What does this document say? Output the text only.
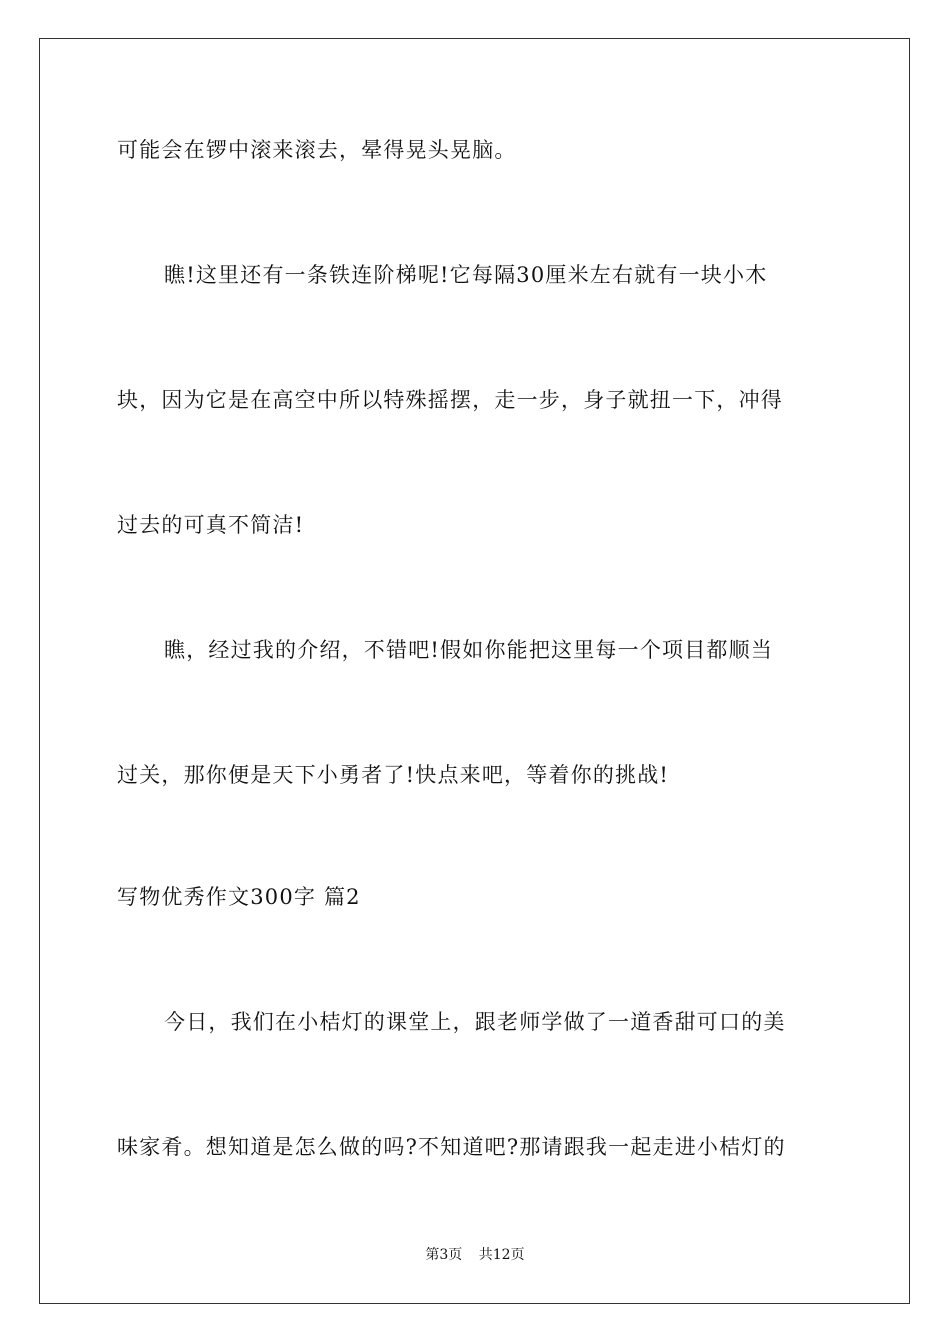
可能会在锣中滚来滚去，晕得晃头晃脑。
瞧!这里还有一条铁连阶梯呢!它每隔30厘米左右就有一块小木
块，因为它是在高空中所以特殊摇摆，走一步，身子就扭一下，冲得
过去的可真不简洁!
瞧，经过我的介绍，不错吧!假如你能把这里每一个项目都顺当
过关，那你便是天下小勇者了!快点来吧，等着你的挑战!
写物优秀作文300字 篇2
今日，我们在小桔灯的课堂上，跟老师学做了一道香甜可口的美
味家肴。想知道是怎么做的吗?不知道吧?那请跟我一起走进小桔灯的
第3页 共12页
